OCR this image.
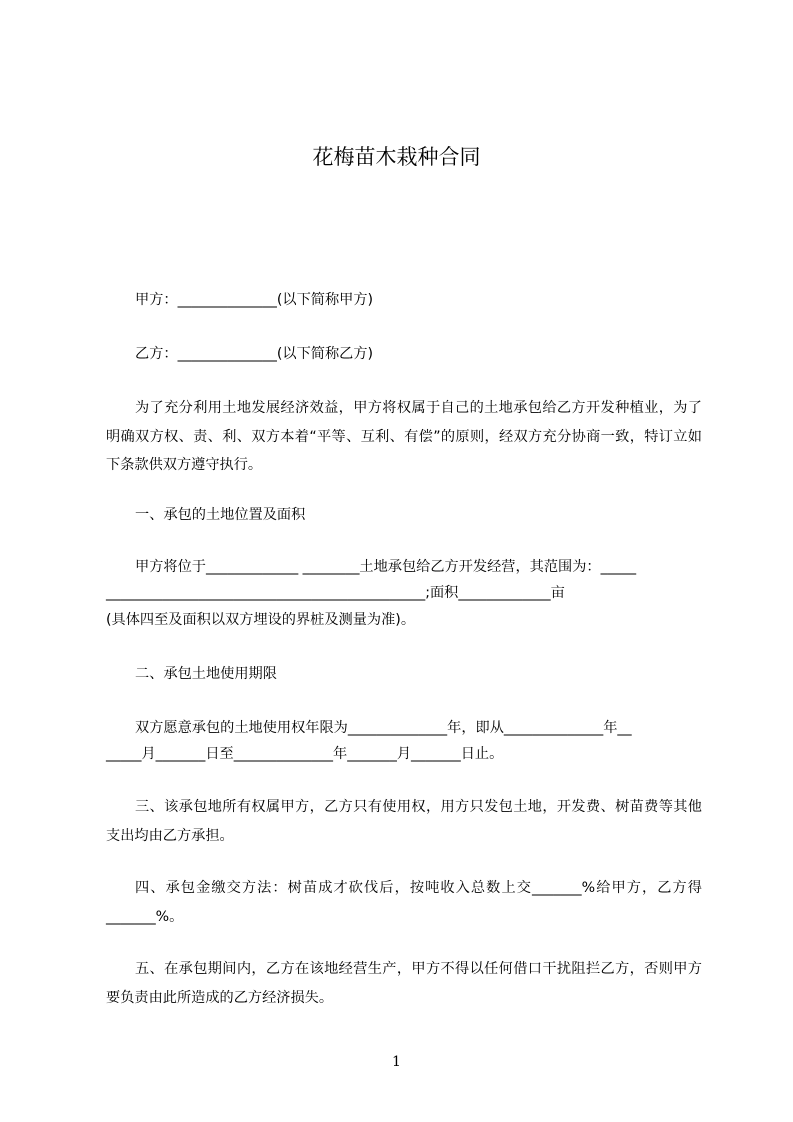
花梅苗木栽种合同
甲方：______________(以下简称甲方)
乙方：______________(以下简称乙方)

为了充分利用土地发展经济效益，甲方将权属于自己的土地承包给乙方开发种植业，为了明确双方权、责、利、双方本着“平等、互利、有偿”的原则，经双方充分协商一致，特订立如下条款供双方遵守执行。

一、承包的土地位置及面积
甲方将位于_____________ ________土地承包给乙方开发经营，其范围为：_____
_____________________________________________;面积_____________亩
(具体四至及面积以双方埋设的界桩及测量为准)。
二、承包土地使用期限
双方愿意承包的土地使用权年限为______________年，即从______________年__
_____月_______日至______________年_______月_______日止。

三、该承包地所有权属甲方，乙方只有使用权，用方只发包土地，开发费、树苗费等其他支出均由乙方承担。

四、承包金缴交方法：树苗成才砍伐后，按吨收入总数上交_______%给甲方，乙方得_______%。

五、在承包期间内，乙方在该地经营生产，甲方不得以任何借口干扰阻拦乙方，否则甲方要负责由此所造成的乙方经济损失。

1
